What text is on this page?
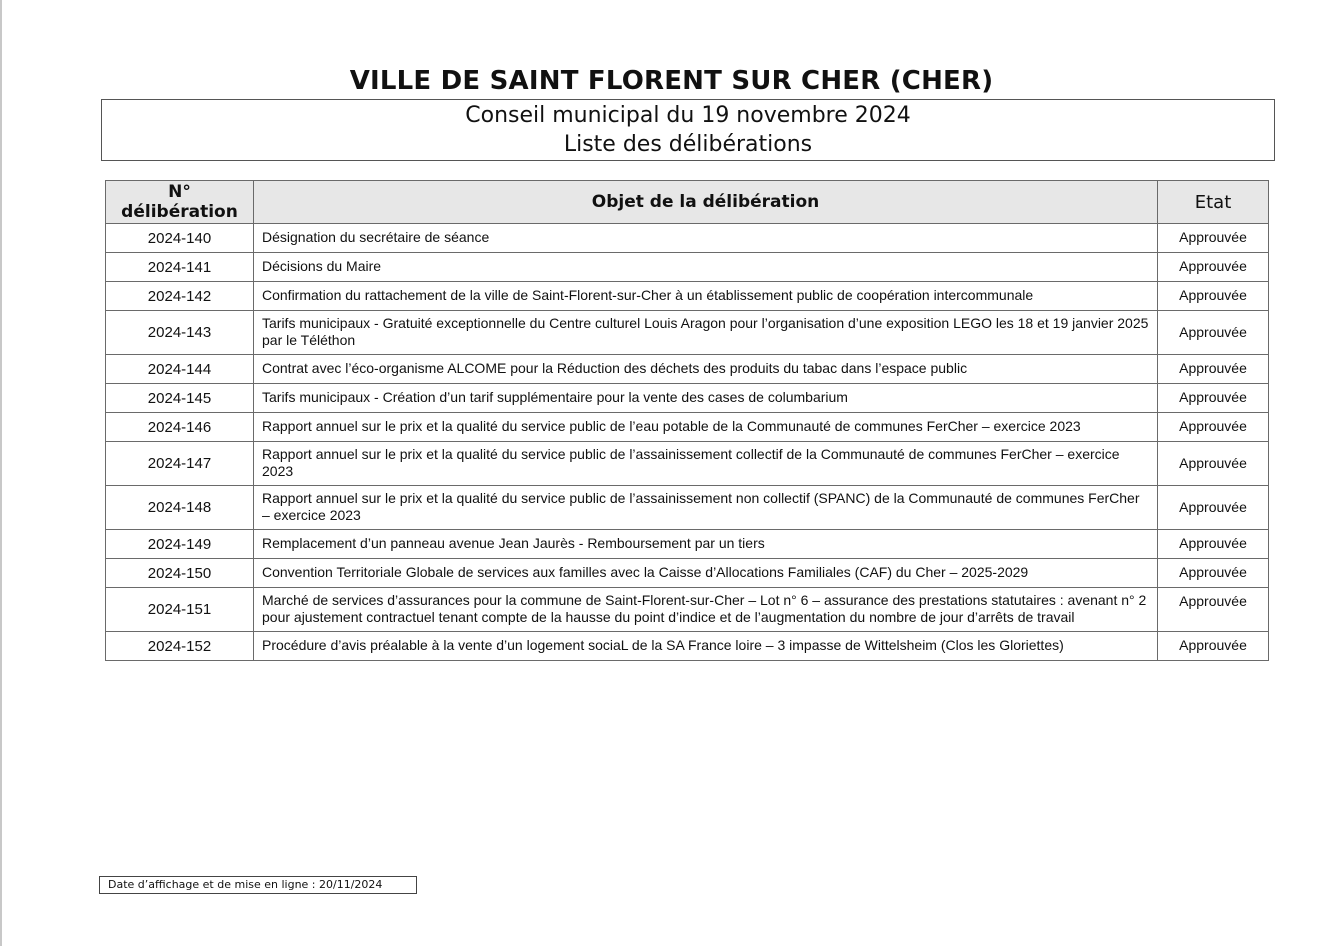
VILLE DE SAINT FLORENT SUR CHER (CHER)
Conseil municipal du 19 novembre 2024
Liste des délibérations
N° délibération	Objet de la délibération	Etat
2024-140	Désignation du secrétaire de séance	Approuvée
2024-141	Décisions du Maire	Approuvée
2024-142	Confirmation du rattachement de la ville de Saint-Florent-sur-Cher à un établissement public de coopération intercommunale	Approuvée
2024-143	Tarifs municipaux - Gratuité exceptionnelle du Centre culturel Louis Aragon pour l’organisation d’une exposition LEGO les 18 et 19 janvier 2025 par le Téléthon	Approuvée
2024-144	Contrat avec l’éco-organisme ALCOME pour la Réduction des déchets des produits du tabac dans l’espace public	Approuvée
2024-145	Tarifs municipaux - Création d’un tarif supplémentaire pour la vente des cases de columbarium	Approuvée
2024-146	Rapport annuel sur le prix et la qualité du service public de l’eau potable de la Communauté de communes FerCher – exercice 2023	Approuvée
2024-147	Rapport annuel sur le prix et la qualité du service public de l’assainissement collectif de la Communauté de communes FerCher – exercice 2023	Approuvée
2024-148	Rapport annuel sur le prix et la qualité du service public de l’assainissement non collectif (SPANC) de la Communauté de communes FerCher – exercice 2023	Approuvée
2024-149	Remplacement d’un panneau avenue Jean Jaurès - Remboursement par un tiers	Approuvée
2024-150	Convention Territoriale Globale de services aux familles avec la Caisse d’Allocations Familiales (CAF) du Cher – 2025-2029	Approuvée
2024-151	Marché de services d’assurances pour la commune de Saint-Florent-sur-Cher – Lot n° 6 – assurance des prestations statutaires : avenant n° 2 pour ajustement contractuel tenant compte de la hausse du point d’indice et de l’augmentation du nombre de jour d’arrêts de travail	Approuvée
2024-152	Procédure d’avis préalable à la vente d’un logement sociaL de la SA France loire – 3 impasse de Wittelsheim (Clos les Gloriettes)	Approuvée
Date d’affichage et de mise en ligne : 20/11/2024
